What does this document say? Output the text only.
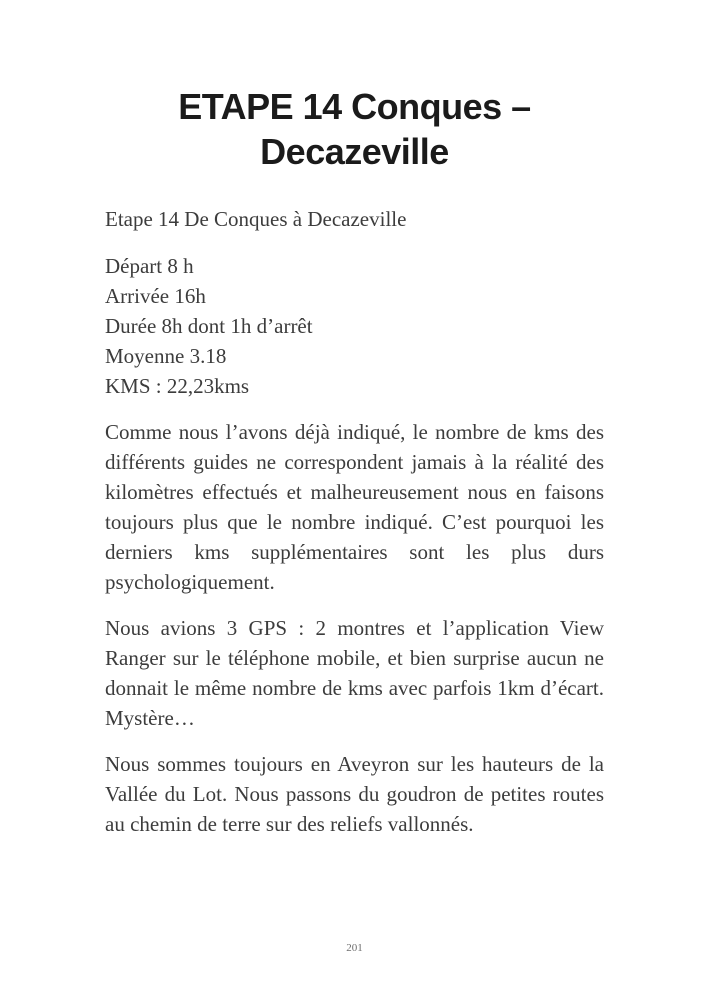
ETAPE 14 Conques – Decazeville

Etape 14 De Conques à Decazeville

Départ 8 h
Arrivée 16h
Durée 8h dont 1h d’arrêt
Moyenne 3.18
KMS : 22,23kms

Comme nous l’avons déjà indiqué, le nombre de kms des différents guides ne correspondent jamais à la réalité des kilomètres effectués et malheureusement nous en faisons toujours plus que le nombre indiqué. C’est pourquoi les derniers kms supplémentaires sont les plus durs psychologiquement.

Nous avions 3 GPS : 2 montres et l’application View Ranger sur le téléphone mobile, et bien surprise aucun ne donnait le même nombre de kms avec parfois 1km d’écart. Mystère…

Nous sommes toujours en Aveyron sur les hauteurs de la Vallée du Lot. Nous passons du goudron de petites routes au chemin de terre sur des reliefs vallonnés.

201
